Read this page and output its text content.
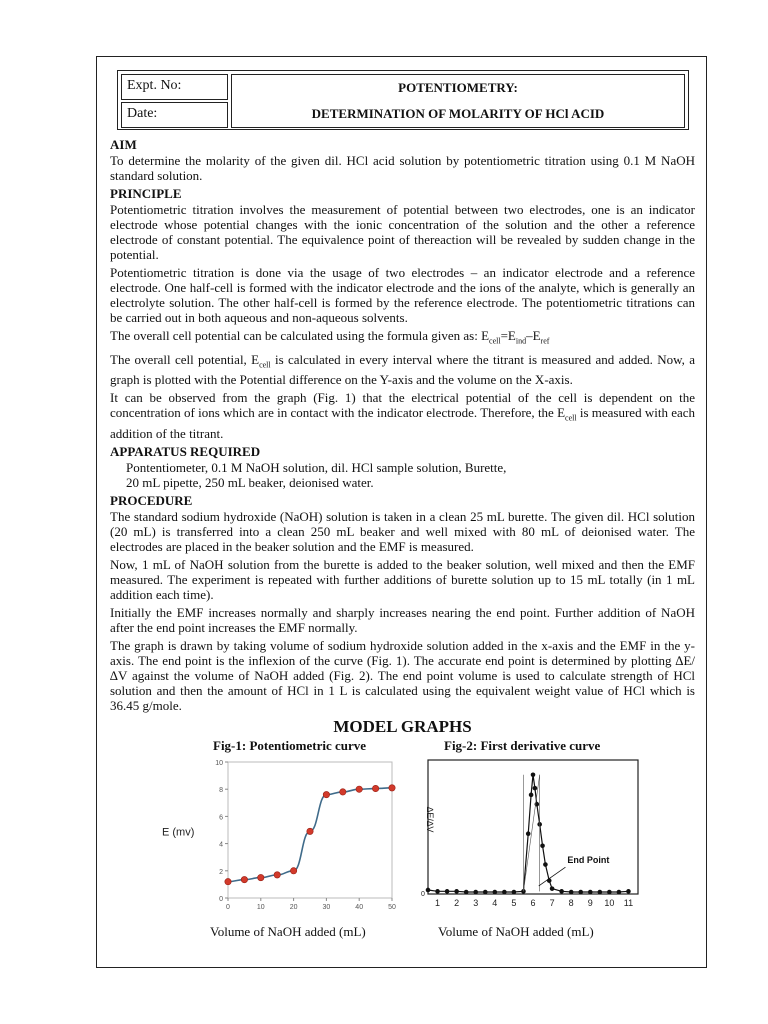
Expt. No:
Date:
POTENTIOMETRY:
DETERMINATION OF MOLARITY OF HCl ACID
AIM

To determine the molarity of the given dil. HCl acid solution by potentiometric titration using 0.1 M NaOH standard solution.

PRINCIPLE

Potentiometric titration involves the measurement of potential between two electrodes, one is an indicator electrode whose potential changes with the ionic concentration of the solution and the other a reference electrode of constant potential. The equivalence point of thereaction will be revealed by sudden change in the potential.

Potentiometric titration is done via the usage of two electrodes – an indicator electrode and a reference electrode. One half-cell is formed with the indicator electrode and the ions of the analyte, which is generally an electrolyte solution. The other half-cell is formed by the reference electrode. The potentiometric titrations can be carried out in both aqueous and non-aqueous solvents.

The overall cell potential can be calculated using the formula given as: $E_{cell}=E_{ind}-E_{ref}$

The overall cell potential, $E_{cell}$ is calculated in every interval where the titrant is measured and added. Now, a graph is plotted with the Potential difference on the Y-axis and the volume on the X-axis.

It can be observed from the graph (Fig. 1) that the electrical potential of the cell is dependent on the concentration of ions which are in contact with the indicator electrode. Therefore, the $E_{cell}$ is measured with each addition of the titrant.

APPARATUS REQUIRED

Pontentiometer, 0.1 M NaOH solution, dil. HCl sample solution, Burette,

20 mL pipette, 250 mL beaker, deionised water.

PROCEDURE

The standard sodium hydroxide (NaOH) solution is taken in a clean 25 mL burette. The given dil. HCl solution (20 mL) is transferred into a clean 250 mL beaker and well mixed with 80 mL of deionised water. The electrodes are placed in the beaker solution and the EMF is measured.

Now, 1 mL of NaOH solution from the burette is added to the beaker solution, well mixed and then the EMF measured. The experiment is repeated with further additions of burette solution up to 15 mL totally (in 1 mL addition each time).

Initially the EMF increases normally and sharply increases nearing the end point. Further addition of NaOH after the end point increases the EMF normally.

The graph is drawn by taking volume of sodium hydroxide solution added in the x-axis and the EMF in the y-axis. The end point is the inflexion of the curve (Fig. 1). The accurate end point is determined by plotting ∆E/∆V against the volume of NaOH added (Fig. 2). The end point volume is used to calculate strength of HCl solution and then the amount of HCl in 1 L is calculated using the equivalent weight value of HCl which is 36.45 g/mole.

MODEL GRAPHS
Fig-1: Potentiometric curve	Fig-2: First derivative curve
0
2
4
6
8
10
0	10	20	30	40	50
E (mv)
0
∆E/∆V
1 2 3 4 5 6 7 8 9 10 11
End Point
Volume of NaOH added (mL)	Volume of NaOH added (mL)
